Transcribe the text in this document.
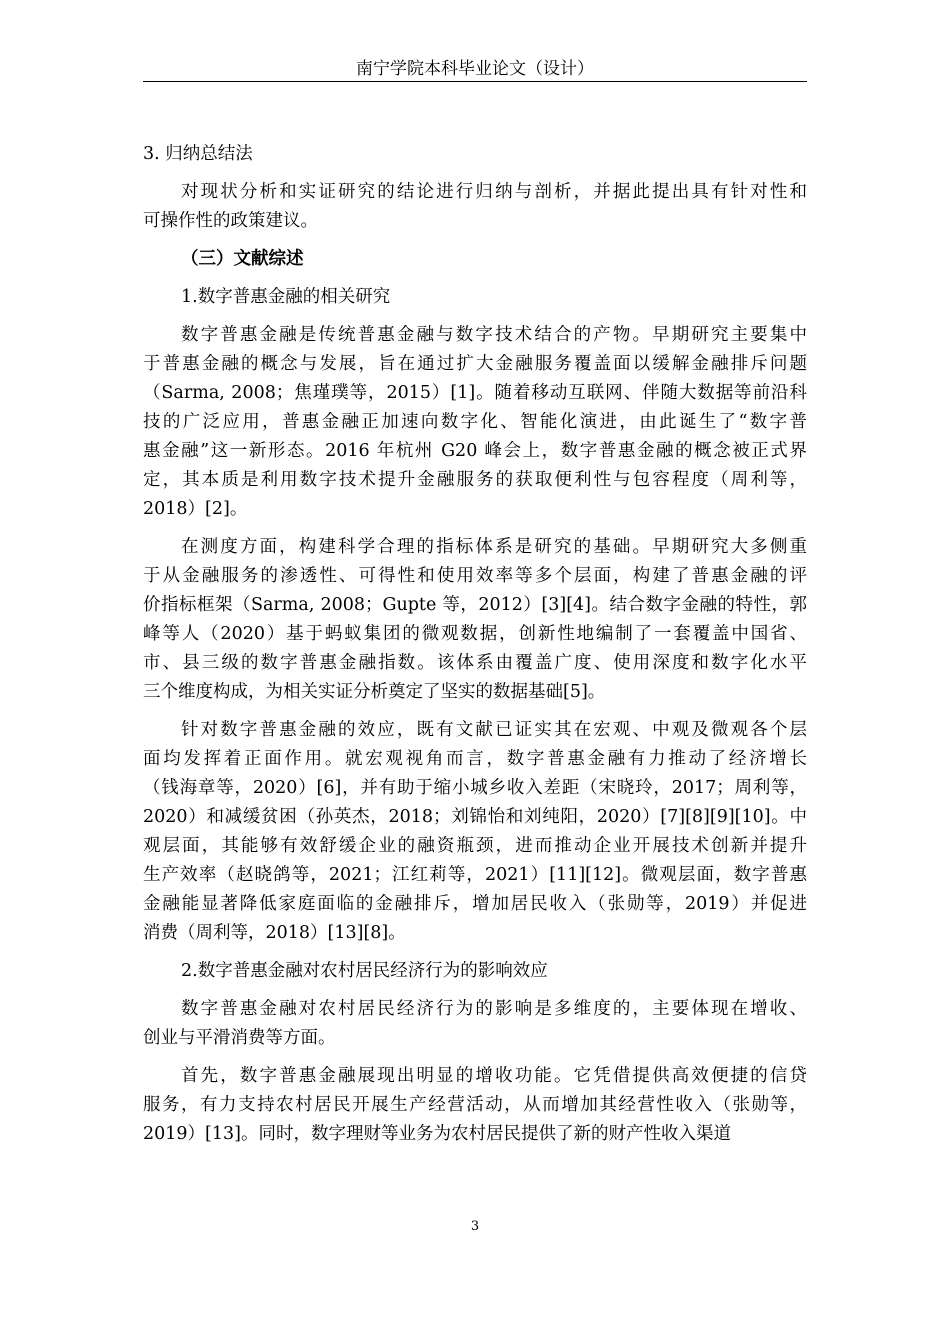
南宁学院本科毕业论文（设计）
3. 归纳总结法
对现状分析和实证研究的结论进行归纳与剖析，并据此提出具有针对性和
可操作性的政策建议。
（三）文献综述
1.数字普惠金融的相关研究
数字普惠金融是传统普惠金融与数字技术结合的产物。早期研究主要集中
于普惠金融的概念与发展，旨在通过扩大金融服务覆盖面以缓解金融排斥问题
（Sarma, 2008；焦瑾璞等，2015）[1]。随着移动互联网、伴随大数据等前沿科
技的广泛应用，普惠金融正加速向数字化、智能化演进，由此诞生了“数字普
惠金融”这一新形态。2016 年杭州 G20 峰会上，数字普惠金融的概念被正式界
定，其本质是利用数字技术提升金融服务的获取便利性与包容程度（周利等，
2018）[2]。
在测度方面，构建科学合理的指标体系是研究的基础。早期研究大多侧重
于从金融服务的渗透性、可得性和使用效率等多个层面，构建了普惠金融的评
价指标框架（Sarma, 2008；Gupte 等，2012）[3][4]。结合数字金融的特性，郭
峰等人（2020）基于蚂蚁集团的微观数据，创新性地编制了一套覆盖中国省、
市、县三级的数字普惠金融指数。该体系由覆盖广度、使用深度和数字化水平
三个维度构成，为相关实证分析奠定了坚实的数据基础[5]。
针对数字普惠金融的效应，既有文献已证实其在宏观、中观及微观各个层
面均发挥着正面作用。就宏观视角而言，数字普惠金融有力推动了经济增长
（钱海章等，2020）[6]，并有助于缩小城乡收入差距（宋晓玲，2017；周利等，
2020）和减缓贫困（孙英杰，2018；刘锦怡和刘纯阳，2020）[7][8][9][10]。中
观层面，其能够有效舒缓企业的融资瓶颈，进而推动企业开展技术创新并提升
生产效率（赵晓鸽等，2021；江红莉等，2021）[11][12]。微观层面，数字普惠
金融能显著降低家庭面临的金融排斥，增加居民收入（张勋等，2019）并促进
消费（周利等，2018）[13][8]。
2.数字普惠金融对农村居民经济行为的影响效应
数字普惠金融对农村居民经济行为的影响是多维度的，主要体现在增收、
创业与平滑消费等方面。
首先，数字普惠金融展现出明显的增收功能。它凭借提供高效便捷的信贷
服务，有力支持农村居民开展生产经营活动，从而增加其经营性收入（张勋等，
2019）[13]。同时，数字理财等业务为农村居民提供了新的财产性收入渠道
3
